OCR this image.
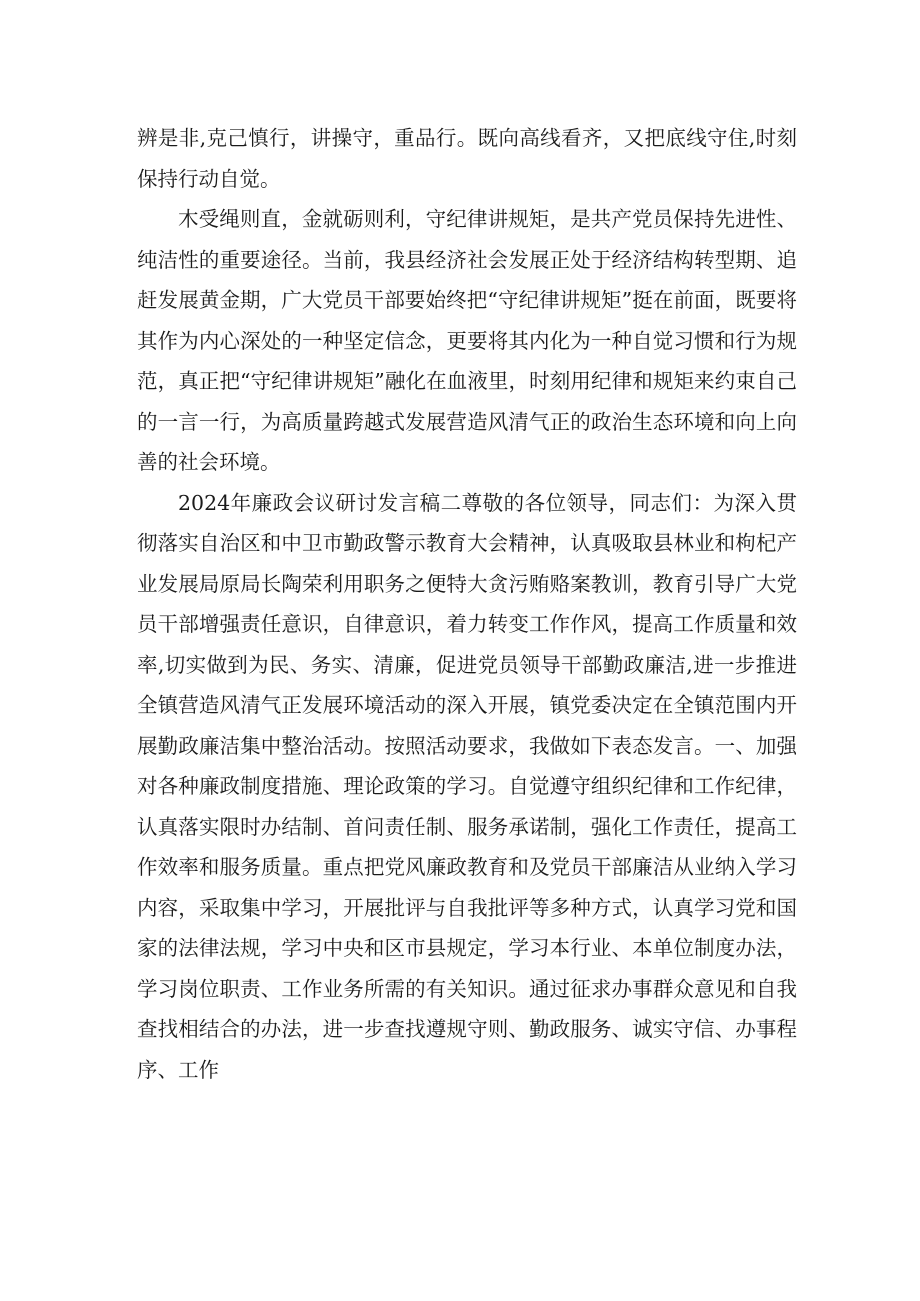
辨是非,克己慎行，讲操守，重品行。既向高线看齐，又把底线守住,时刻保持行动自觉。

木受绳则直，金就砺则利，守纪律讲规矩，是共产党员保持先进性、纯洁性的重要途径。当前，我县经济社会发展正处于经济结构转型期、追赶发展黄金期，广大党员干部要始终把“守纪律讲规矩”挺在前面，既要将其作为内心深处的一种坚定信念，更要将其内化为一种自觉习惯和行为规范，真正把“守纪律讲规矩”融化在血液里，时刻用纪律和规矩来约束自己的一言一行，为高质量跨越式发展营造风清气正的政治生态环境和向上向善的社会环境。

2024年廉政会议研讨发言稿二尊敬的各位领导，同志们：为深入贯彻落实自治区和中卫市勤政警示教育大会精神，认真吸取县林业和枸杞产业发展局原局长陶荣利用职务之便特大贪污贿赂案教训，教育引导广大党员干部增强责任意识，自律意识，着力转变工作作风，提高工作质量和效率,切实做到为民、务实、清廉，促进党员领导干部勤政廉洁,进一步推进全镇营造风清气正发展环境活动的深入开展，镇党委决定在全镇范围内开展勤政廉洁集中整治活动。按照活动要求，我做如下表态发言。一、加强对各种廉政制度措施、理论政策的学习。自觉遵守组织纪律和工作纪律，认真落实限时办结制、首问责任制、服务承诺制，强化工作责任，提高工作效率和服务质量。重点把党风廉政教育和及党员干部廉洁从业纳入学习内容，采取集中学习，开展批评与自我批评等多种方式，认真学习党和国家的法律法规，学习中央和区市县规定，学习本行业、本单位制度办法，学习岗位职责、工作业务所需的有关知识。通过征求办事群众意见和自我查找相结合的办法，进一步查找遵规守则、勤政服务、诚实守信、办事程序、工作
